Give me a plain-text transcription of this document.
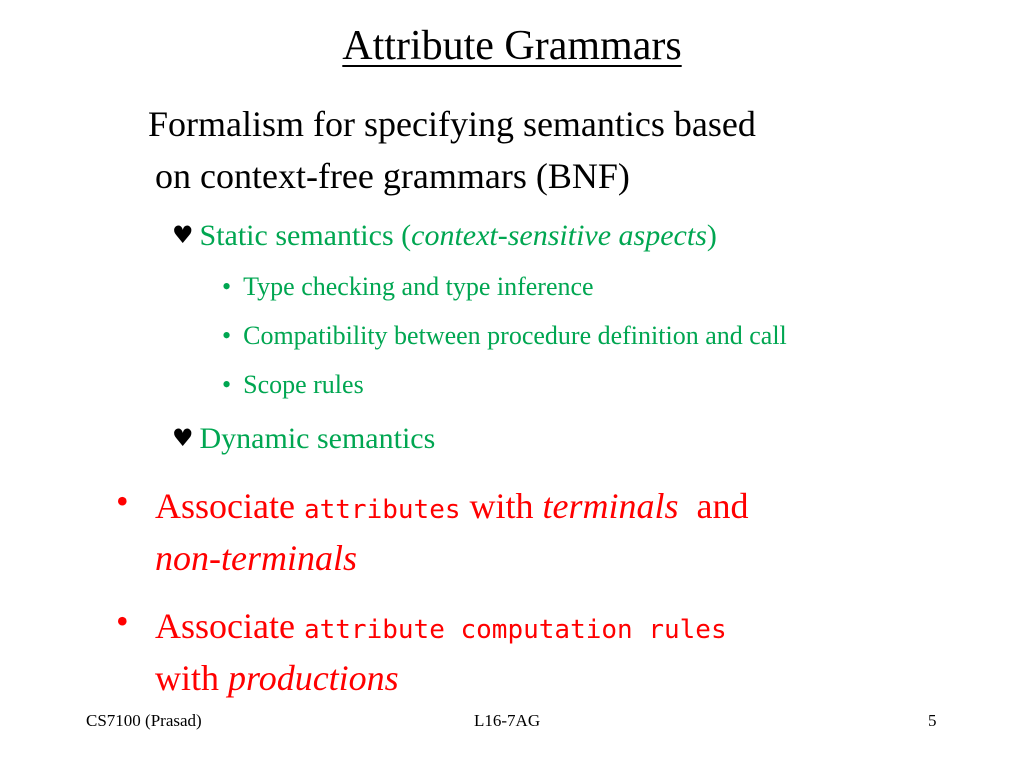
Attribute Grammars
Formalism for specifying semantics based
on context-free grammars (BNF)
♥ Static semantics (context-sensitive aspects)
• Type checking and type inference
• Compatibility between procedure definition and call
• Scope rules
♥ Dynamic semantics
• Associate attributes with terminals and
non-terminals
• Associate attribute computation rules
with productions
CS7100 (Prasad)	L16-7AG	5
